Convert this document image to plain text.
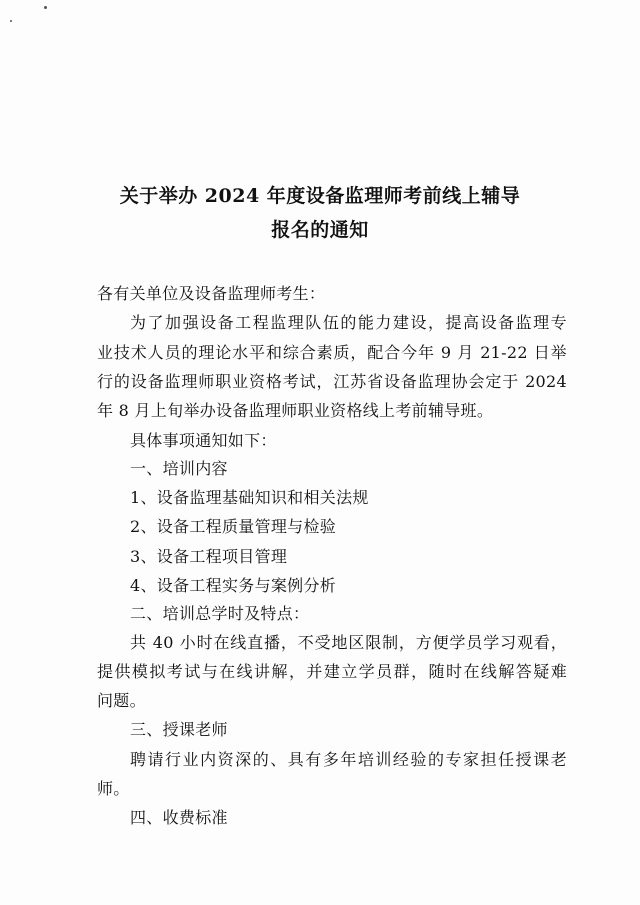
关于举办 2024 年度设备监理师考前线上辅导
报名的通知
各有关单位及设备监理师考生：
为了加强设备工程监理队伍的能力建设，提高设备监理专
业技术人员的理论水平和综合素质，配合今年 9 月 21-22 日举
行的设备监理师职业资格考试，江苏省设备监理协会定于 2024
年 8 月上旬举办设备监理师职业资格线上考前辅导班。
具体事项通知如下：
一、培训内容
1、设备监理基础知识和相关法规
2、设备工程质量管理与检验
3、设备工程项目管理
4、设备工程实务与案例分析
二、培训总学时及特点：
共 40 小时在线直播，不受地区限制，方便学员学习观看，
提供模拟考试与在线讲解，并建立学员群，随时在线解答疑难
问题。
三、授课老师
聘请行业内资深的、具有多年培训经验的专家担任授课老
师。
四、收费标准
